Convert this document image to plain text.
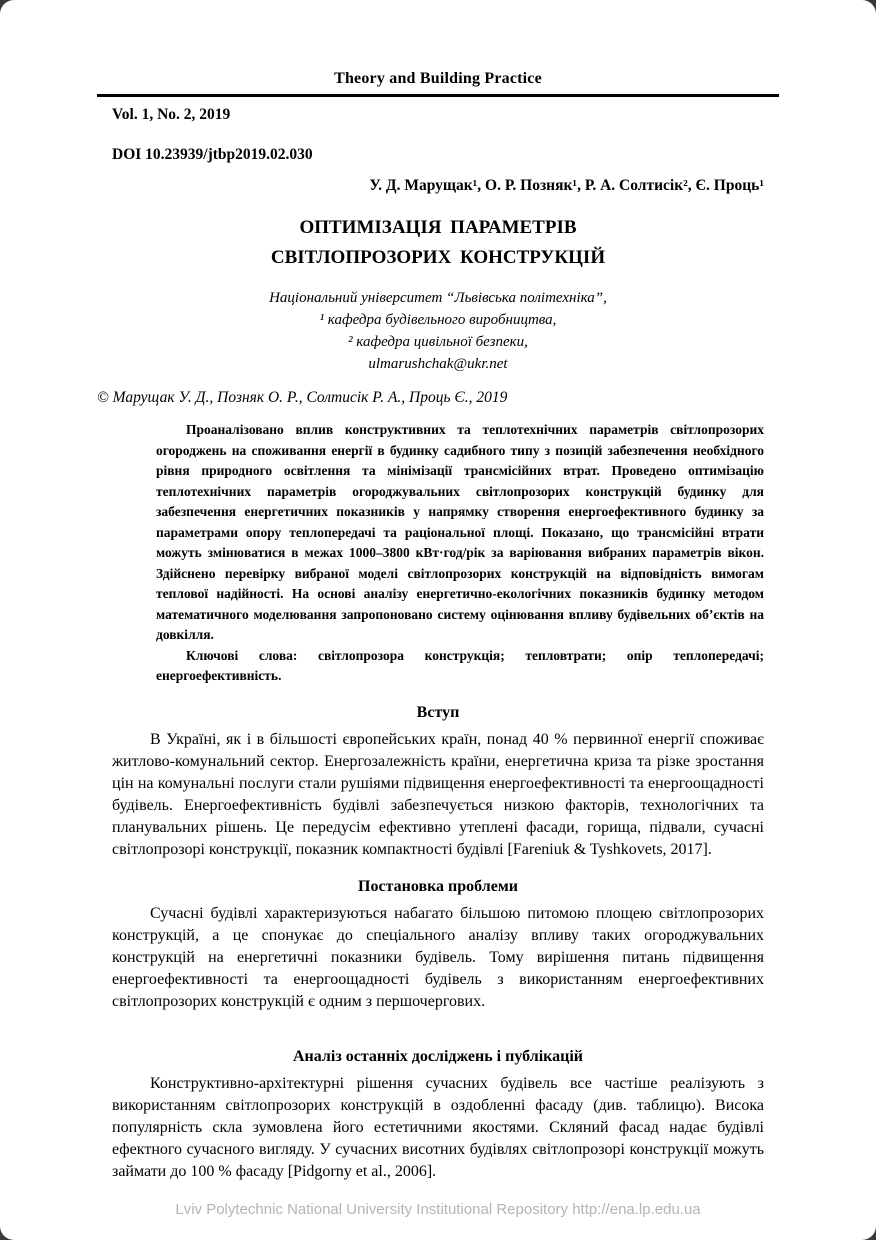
Theory and Building Practice
Vol. 1, No. 2, 2019
DOI 10.23939/jtbp2019.02.030
У. Д. Марущак¹, О. Р. Позняк¹, Р. А. Солтисік², Є. Проць¹
ОПТИМІЗАЦІЯ ПАРАМЕТРІВ
СВІТЛОПРОЗОРИХ КОНСТРУКЦІЙ
Національний університет “Львівська політехніка”,
¹ кафедра будівельного виробництва,
² кафедра цивільної безпеки,
ulmarushchak@ukr.net
© Марущак У. Д., Позняк О. Р., Солтисік Р. А., Проць Є., 2019

Проаналізовано вплив конструктивних та теплотехнічних параметрів світлопрозорих огороджень на споживання енергії в будинку садибного типу з позицій забезпечення необхідного рівня природного освітлення та мінімізації трансмісійних втрат. Проведено оптимізацію теплотехнічних параметрів огороджувальних світлопрозорих конструкцій будинку для забезпечення енергетичних показників у напрямку створення енергоефективного будинку за параметрами опору теплопередачі та раціональної площі. Показано, що трансмісійні втрати можуть змінюватися в межах 1000–3800 кВт·год/рік за варіювання вибраних параметрів вікон. Здійснено перевірку вибраної моделі світлопрозорих конструкцій на відповідність вимогам теплової надійності. На основі аналізу енергетично-екологічних показників будинку методом математичного моделювання запропоновано систему оцінювання впливу будівельних об’єктів на довкілля.

Ключові слова: світлопрозора конструкція; тепловтрати; опір теплопередачі; енергоефективність.

Вступ

В Україні, як і в більшості європейських країн, понад 40 % первинної енергії споживає житлово-комунальний сектор. Енергозалежність країни, енергетична криза та різке зростання цін на комунальні послуги стали рушіями підвищення енергоефективності та енергоощадності будівель. Енергоефективність будівлі забезпечується низкою факторів, технологічних та планувальних рішень. Це передусім ефективно утеплені фасади, горища, підвали, сучасні світлопрозорі конструкції, показник компактності будівлі [Fareniuk & Tyshkovets, 2017].

Постановка проблеми

Сучасні будівлі характеризуються набагато більшою питомою площею світлопрозорих конструкцій, а це спонукає до спеціального аналізу впливу таких огороджувальних конструкцій на енергетичні показники будівель. Тому вирішення питань підвищення енергоефективності та енергоощадності будівель з використанням енергоефективних світлопрозорих конструкцій є одним з першочергових.

Аналіз останніх досліджень і публікацій

Конструктивно-архітектурні рішення сучасних будівель все частіше реалізують з використанням світлопрозорих конструкцій в оздобленні фасаду (див. таблицю). Висока популярність скла зумовлена його естетичними якостями. Скляний фасад надає будівлі ефектного сучасного вигляду. У сучасних висотних будівлях світлопрозорі конструкції можуть займати до 100 % фасаду [Pidgorny et al., 2006].

Lviv Polytechnic National University Institutional Repository http://ena.lp.edu.ua
